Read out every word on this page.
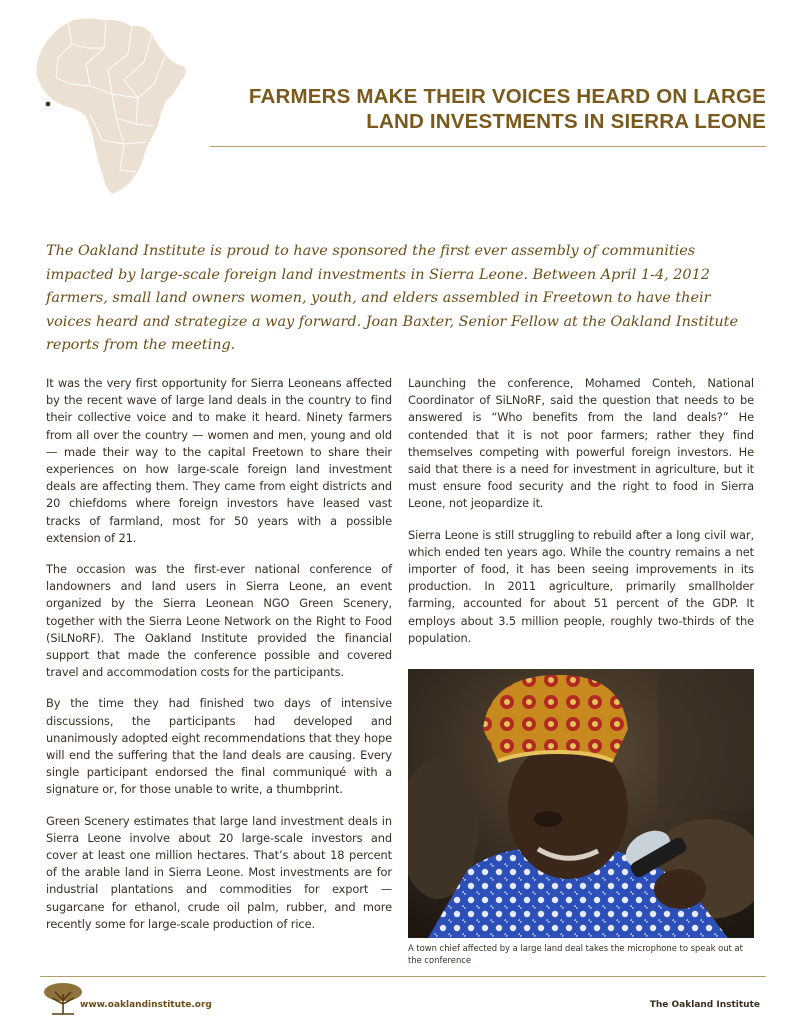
FARMERS MAKE THEIR VOICES HEARD ON LARGE
LAND INVESTMENTS IN SIERRA LEONE

The Oakland Institute is proud to have sponsored the first ever assembly of communities impacted by large-scale foreign land investments in Sierra Leone. Between April 1-4, 2012 farmers, small land owners women, youth, and elders assembled in Freetown to have their voices heard and strategize a way forward. Joan Baxter, Senior Fellow at the Oakland Institute reports from the meeting.

It was the very first opportunity for Sierra Leoneans affected by the recent wave of large land deals in the country to find their collective voice and to make it heard. Ninety farmers from all over the country — women and men, young and old — made their way to the capital Freetown to share their experiences on how large-scale foreign land investment deals are affecting them. They came from eight districts and 20 chiefdoms where foreign investors have leased vast tracks of farmland, most for 50 years with a possible extension of 21.

The occasion was the first-ever national conference of landowners and land users in Sierra Leone, an event organized by the Sierra Leonean NGO Green Scenery, together with the Sierra Leone Network on the Right to Food (SiLNoRF). The Oakland Institute provided the financial support that made the conference possible and covered travel and accommodation costs for the participants.

By the time they had finished two days of intensive discussions, the participants had developed and unanimously adopted eight recommendations that they hope will end the suffering that the land deals are causing. Every single participant endorsed the final communiqué with a signature or, for those unable to write, a thumbprint.

Green Scenery estimates that large land investment deals in Sierra Leone involve about 20 large-scale investors and cover at least one million hectares. That’s about 18 percent of the arable land in Sierra Leone. Most investments are for industrial plantations and commodities for export — sugarcane for ethanol, crude oil palm, rubber, and more recently some for large-scale production of rice.

Launching the conference, Mohamed Conteh, National Coordinator of SiLNoRF, said the question that needs to be answered is “Who benefits from the land deals?” He contended that it is not poor farmers; rather they find themselves competing with powerful foreign investors. He said that there is a need for investment in agriculture, but it must ensure food security and the right to food in Sierra Leone, not jeopardize it.

Sierra Leone is still struggling to rebuild after a long civil war, which ended ten years ago. While the country remains a net importer of food, it has been seeing improvements in its production. In 2011 agriculture, primarily smallholder farming, accounted for about 51 percent of the GDP. It employs about 3.5 million people, roughly two-thirds of the population.

A town chief affected by a large land deal takes the microphone to speak out at the conference

www.oaklandinstitute.org	The Oakland Institute
